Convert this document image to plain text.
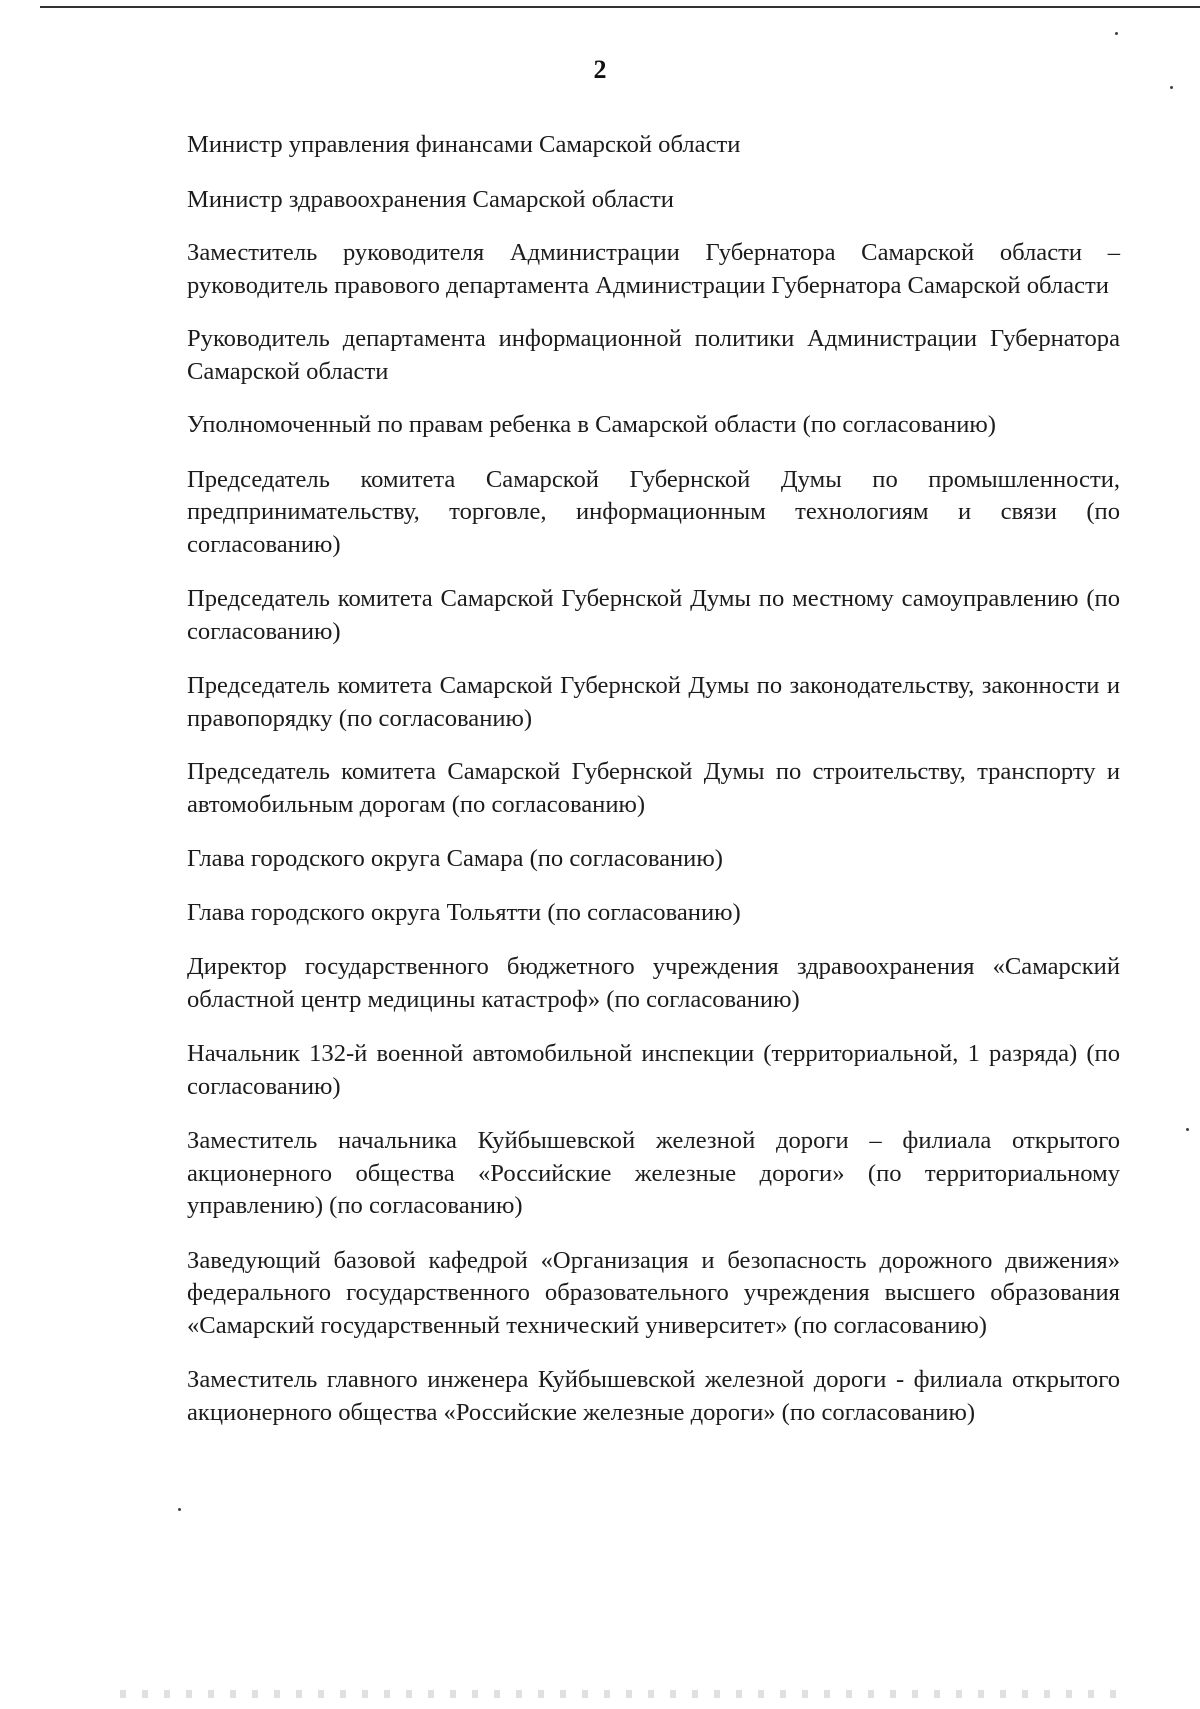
2

Министр управления финансами Самарской области

Министр здравоохранения Самарской области

Заместитель руководителя Администрации Губернатора Самарской области – руководитель правового департамента Администрации Губернатора Самарской области

Руководитель департамента информационной политики Администрации Губернатора Самарской области

Уполномоченный по правам ребенка в Самарской области (по согласованию)

Председатель комитета Самарской Губернской Думы по промышленности, предпринимательству, торговле, информационным технологиям и связи (по согласованию)

Председатель комитета Самарской Губернской Думы по местному самоуправлению (по согласованию)

Председатель комитета Самарской Губернской Думы по законодательству, законности и правопорядку (по согласованию)

Председатель комитета Самарской Губернской Думы по строительству, транспорту и автомобильным дорогам (по согласованию)

Глава городского округа Самара (по согласованию)

Глава городского округа Тольятти (по согласованию)

Директор государственного бюджетного учреждения здравоохранения «Самарский областной центр медицины катастроф» (по согласованию)

Начальник 132-й военной автомобильной инспекции (территориальной, 1 разряда) (по согласованию)

Заместитель начальника Куйбышевской железной дороги – филиала открытого акционерного общества «Российские железные дороги» (по территориальному управлению) (по согласованию)

Заведующий базовой кафедрой «Организация и безопасность дорожного движения» федерального государственного образовательного учреждения высшего образования «Самарский государственный технический университет» (по согласованию)

Заместитель главного инженера Куйбышевской железной дороги - филиала открытого акционерного общества «Российские железные дороги» (по согласованию)
